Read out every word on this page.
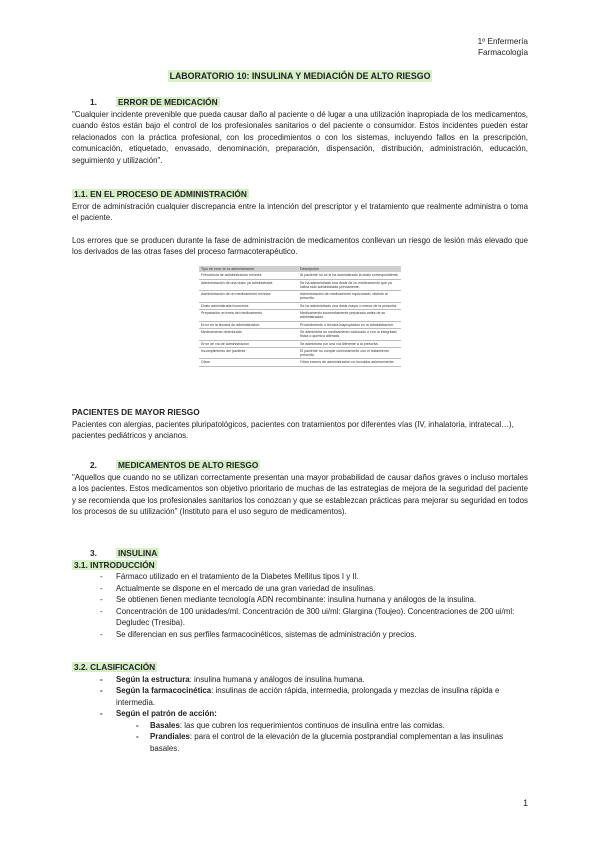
1º Enfermería
Farmacología
LABORATORIO 10: INSULINA Y MEDIACIÓN DE ALTO RIESGO
1.	ERROR DE MEDICACIÓN

"Cualquier incidente prevenible que pueda causar daño al paciente o dé lugar a una utilización inapropiada de los medicamentos, cuando éstos están bajo el control de los profesionales sanitarios o del paciente o consumidor. Estos incidentes pueden estar relacionados con la práctica profesional, con los procedimientos o con los sistemas, incluyendo fallos en la prescripción, comunicación, etiquetado, envasado, denominación, preparación, dispensación, distribución, administración, educación, seguimiento y utilización".

1.1. EN EL PROCESO DE ADMINISTRACIÓN

Error de administración cualquier discrepancia entre la intención del prescriptor y el tratamiento que realmente administra o toma el paciente.

Los errores que se producen durante la fase de administración de medicamentos conllevan un riesgo de lesión más elevado que los derivados de las otras fases del proceso farmacoterapéutico.

Tipo de error en la administración	Descripción
Frecuencia de administración errónea	Al paciente no se le ha suministrado la dosis correspondiente.
Administración de una dosis ya administrada	Se ha administrado una dosis de un medicamento que ya había sido administrada previamente.
Administración de un medicamento errónea	Administración de medicamento equivocado, distinto al prescrito.
Dosis administrada incorrecta	Se ha administrado una dosis mayor o menor de la prescrita.
Preparación errónea del medicamento	Medicamento incorrectamente preparado antes de su administración.
Error en la técnica de administración	Procedimiento o técnica inapropiados en la administración.
Medicamento deteriorado	Se administra un medicamento caducado o con la integridad física o química alterada.
Error de vía de administración	Se administra por una vía diferente a la prescrita.
Incumplimiento del paciente	El paciente no cumple correctamente con el tratamiento prescrito.
Otros	Otros errores de administración no incluidos anteriormente.
PACIENTES DE MAYOR RIESGO

Pacientes con alergias, pacientes pluripatológicos, pacientes con tratamientos por diferentes vías (IV, inhalatoria, intratecal…), pacientes pediátricos y ancianos.

2.	MEDICAMENTOS DE ALTO RIESGO

"Aquellos que cuando no se utilizan correctamente presentan una mayor probabilidad de causar daños graves o incluso mortales a los pacientes. Estos medicamentos son objetivo prioritario de muchas de las estrategias de mejora de la seguridad del paciente y se recomienda que los profesionales sanitarios los conozcan y que se establezcan prácticas para mejorar su seguridad en todos los procesos de su utilización" (Instituto para el uso seguro de medicamentos).

3.	INSULINA
3.1. INTRODUCCIÓN
- Fármaco utilizado en el tratamiento de la Diabetes Mellitus tipos I y II.
- Actualmente se dispone en el mercado de una gran variedad de insulinas.
- Se obtienen tienen mediante tecnología ADN recombinante: insulina humana y análogos de la insulina.
- Concentración de 100 unidades/ml. Concentración de 300 ui/ml: Glargina (Toujeo). Concentraciones de 200 ui/ml: Degludec (Tresiba).
- Se diferencian en sus perfiles farmacocinéticos, sistemas de administración y precios.
3.2. CLASIFICACIÓN
- Según la estructura: insulina humana y análogos de insulina humana.
- Según la farmacocinética: insulinas de acción rápida, intermedia, prolongada y mezclas de insulina rápida e intermedia.
- Según el patrón de acción:
- Basales: las que cubren los requerimientos continuos de insulina entre las comidas.
- Prandiales: para el control de la elevación de la glucemia postprandial complementan a las insulinas basales.
1
